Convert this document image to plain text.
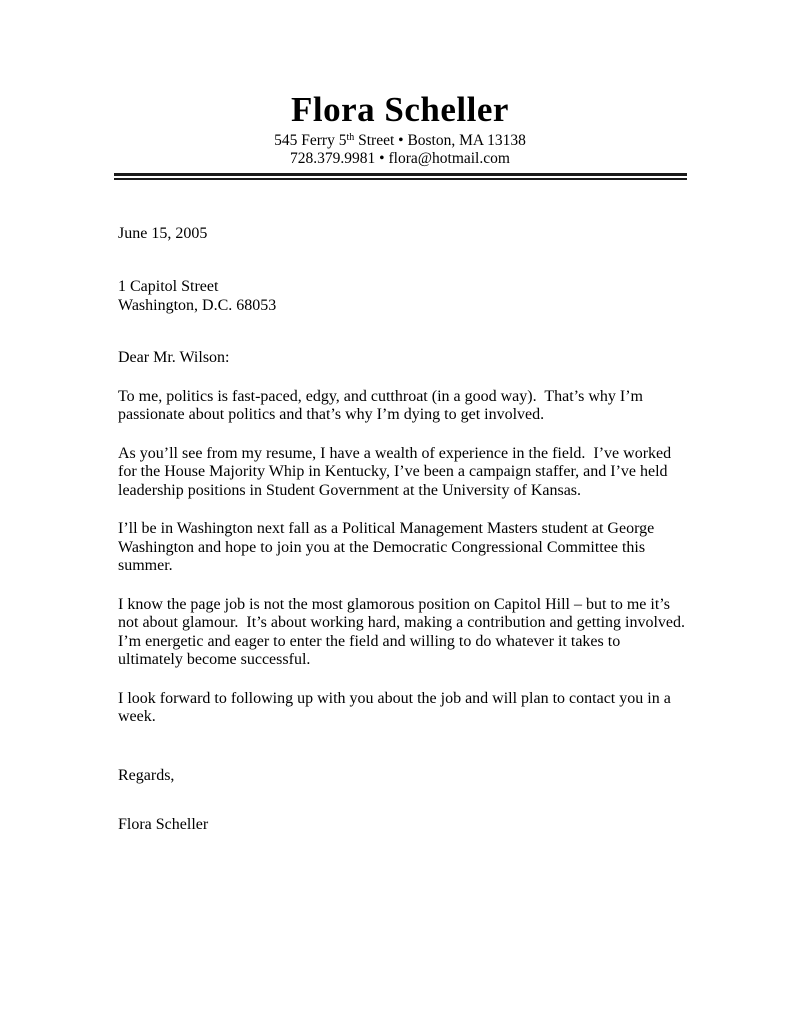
Flora Scheller
545 Ferry 5th Street • Boston, MA 13138
728.379.9981 • flora@hotmail.com
June 15, 2005
1 Capitol Street
Washington, D.C. 68053
Dear Mr. Wilson:

To me, politics is fast-paced, edgy, and cutthroat (in a good way).  That’s why I’m passionate about politics and that’s why I’m dying to get involved.

As you’ll see from my resume, I have a wealth of experience in the field.  I’ve worked for the House Majority Whip in Kentucky, I’ve been a campaign staffer, and I’ve held leadership positions in Student Government at the University of Kansas.

I’ll be in Washington next fall as a Political Management Masters student at George Washington and hope to join you at the Democratic Congressional Committee this summer.

I know the page job is not the most glamorous position on Capitol Hill – but to me it’s not about glamour.  It’s about working hard, making a contribution and getting involved.  I’m energetic and eager to enter the field and willing to do whatever it takes to ultimately become successful.

I look forward to following up with you about the job and will plan to contact you in a week.

Regards,
Flora Scheller
